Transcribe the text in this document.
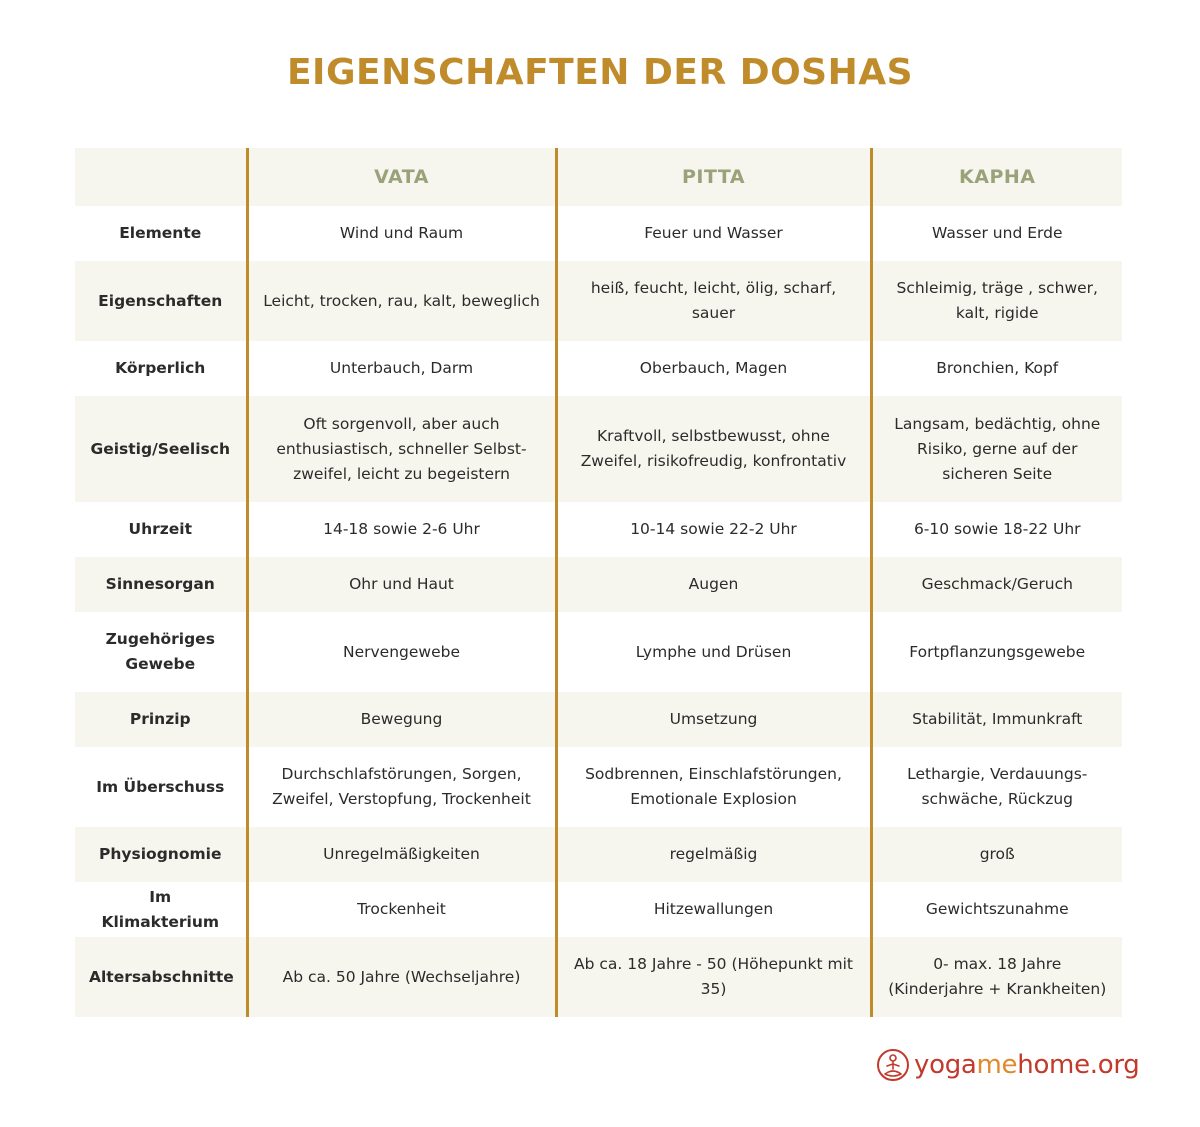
EIGENSCHAFTEN DER DOSHAS
	VATA	PITTA	KAPHA
Elemente	Wind und Raum	Feuer und Wasser	Wasser und Erde
Eigenschaften	Leicht, trocken, rau, kalt, beweglich	heiß, feucht, leicht, ölig, scharf, sauer	Schleimig, träge , schwer, kalt, rigide
Körperlich	Unterbauch, Darm	Oberbauch, Magen	Bronchien, Kopf
Geistig/Seelisch	Oft sorgenvoll, aber auch enthusiastisch, schneller Selbst-zweifel, leicht zu begeistern	Kraftvoll, selbstbewusst, ohne Zweifel, risikofreudig, konfrontativ	Langsam, bedächtig, ohne Risiko, gerne auf der sicheren Seite
Uhrzeit	14-18 sowie 2-6 Uhr	10-14 sowie 22-2 Uhr	6-10 sowie 18-22 Uhr
Sinnesorgan	Ohr und Haut	Augen	Geschmack/Geruch
Zugehöriges Gewebe	Nervengewebe	Lymphe und Drüsen	Fortpflanzungsgewebe
Prinzip	Bewegung	Umsetzung	Stabilität, Immunkraft
Im Überschuss	Durchschlafstörungen, Sorgen, Zweifel, Verstopfung, Trockenheit	Sodbrennen, Einschlafstörungen, Emotionale Explosion	Lethargie, Verdauungs-schwäche, Rückzug
Physiognomie	Unregelmäßigkeiten	regelmäßig	groß
Im Klimakterium	Trockenheit	Hitzewallungen	Gewichtszunahme
Altersabschnitte	Ab ca. 50 Jahre (Wechseljahre)	Ab ca. 18 Jahre - 50 (Höhepunkt mit 35)	0- max. 18 Jahre (Kinderjahre + Krankheiten)
yogamehome.org
